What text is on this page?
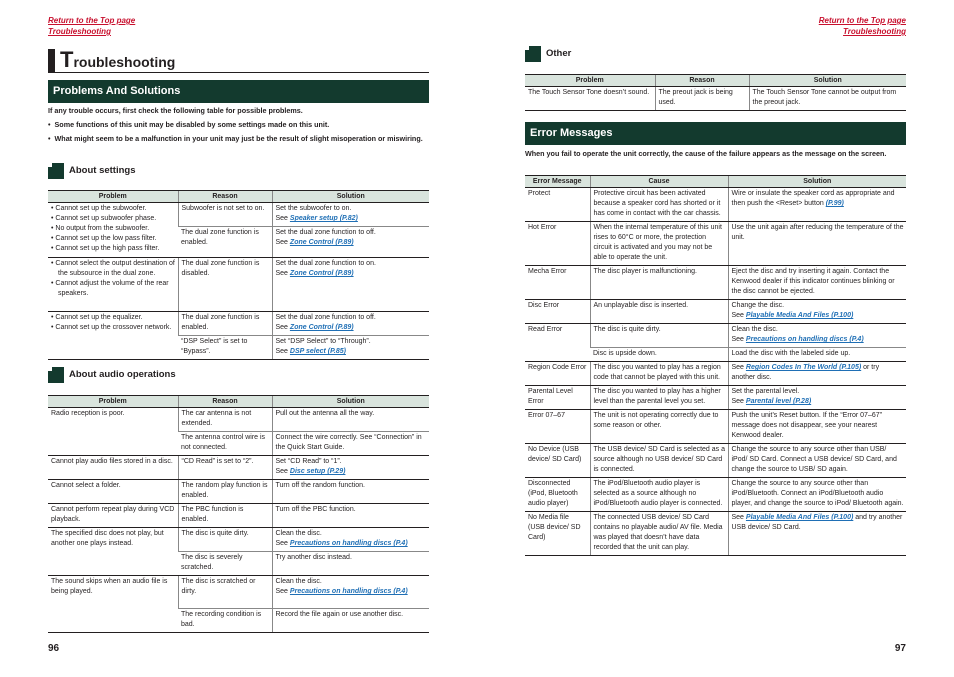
Return to the Top page
Troubleshooting
Return to the Top page
Troubleshooting
Troubleshooting
Problems And Solutions
If any trouble occurs, first check the following table for possible problems.
•  Some functions of this unit may be disabled by some settings made on this unit.
•  What might seem to be a malfunction in your unit may just be the result of slight misoperation or miswiring.
About settings
Problem	Reason	Solution

• Cannot set up the subwoofer.
• Cannot set up subwoofer phase.
• No output from the subwoofer.
• Cannot set up the low pass filter.
• Cannot set up the high pass filter.	Subwoofer is not set to on.	Set the subwoofer to on.
See Speaker setup (P.82)
	The dual zone function is enabled.	Set the dual zone function to off.
See Zone Control (P.89)

• Cannot select the output destination of the subsource in the dual zone.
• Cannot adjust the volume of the rear speakers.	The dual zone function is disabled.	Set the dual zone function to on.
See Zone Control (P.89)

• Cannot set up the equalizer.
• Cannot set up the crossover network.	The dual zone function is enabled.	Set the dual zone function to off.
See Zone Control (P.89)
	“DSP Select” is set to “Bypass”.	Set “DSP Select” to “Through”.
See DSP select (P.85)
About audio operations
Problem	Reason	Solution
Radio reception is poor.	The car antenna is not extended.	Pull out the antenna all the way.
	The antenna control wire is not connected.	Connect the wire correctly. See “Connection” in the Quick Start Guide.
Cannot play audio files stored in a disc.	“CD Read” is set to “2”.	Set “CD Read” to “1”.
See Disc setup (P.29)
Cannot select a folder.	The random play function is enabled.	Turn off the random function.
Cannot perform repeat play during VCD playback.	The PBC function is enabled.	Turn off the PBC function.
The specified disc does not play, but another one plays instead.	The disc is quite dirty.	Clean the disc.
See Precautions on handling discs (P.4)
	The disc is severely scratched.	Try another disc instead.
The sound skips when an audio file is being played.	The disc is scratched or dirty.	Clean the disc.
See Precautions on handling discs (P.4)
	The recording condition is bad.	Record the file again or use another disc.
96
Other
Problem	Reason	Solution
The Touch Sensor Tone doesn’t sound.	The preout jack is being used.	The Touch Sensor Tone cannot be output from the preout jack.
Error Messages
When you fail to operate the unit correctly, the cause of the failure appears as the message on the screen.
Error Message	Cause	Solution
Protect	Protective circuit has been activated because a speaker cord has shorted or it has come in contact with the car chassis.	Wire or insulate the speaker cord as appropriate and then push the <Reset> button (P.99)
Hot Error	When the internal temperature of this unit rises to 60°C or more, the protection circuit is activated and you may not be able to operate the unit.	Use the unit again after reducing the temperature of the unit.
Mecha Error	The disc player is malfunctioning.	Eject the disc and try inserting it again. Contact the Kenwood dealer if this indicator continues blinking or the disc cannot be ejected.
Disc Error	An unplayable disc is inserted.	Change the disc.
See Playable Media And Files (P.100)
Read Error	The disc is quite dirty.	Clean the disc.
See Precautions on handling discs (P.4)
	Disc is upside down.	Load the disc with the labeled side up.
Region Code Error	The disc you wanted to play has a region code that cannot be played with this unit.	See Region Codes In The World (P.105) or try another disc.
Parental Level Error	The disc you wanted to play has a higher level than the parental level you set.	Set the parental level.
See Parental level (P.28)
Error 07–67	The unit is not operating correctly due to some reason or other.	Push the unit’s Reset button. If the “Error 07–67” message does not disappear, see your nearest Kenwood dealer.
No Device (USB device/ SD Card)	The USB device/ SD Card is selected as a source although no USB device/ SD Card is connected.	Change the source to any source other than USB/ iPod/ SD Card. Connect a USB device/ SD Card, and change the source to USB/ SD again.
Disconnected (iPod, Bluetooth audio player)	The iPod/Bluetooth audio player is selected as a source although no iPod/Bluetooth audio player is connected.	Change the source to any source other than iPod/Bluetooth. Connect an iPod/Bluetooth audio player, and change the source to iPod/ Bluetooth again.
No Media file (USB device/ SD Card)	The connected USB device/ SD Card contains no playable audio/ AV file. Media was played that doesn’t have data recorded that the unit can play.	See Playable Media And Files (P.100) and try another USB device/ SD Card.
97
